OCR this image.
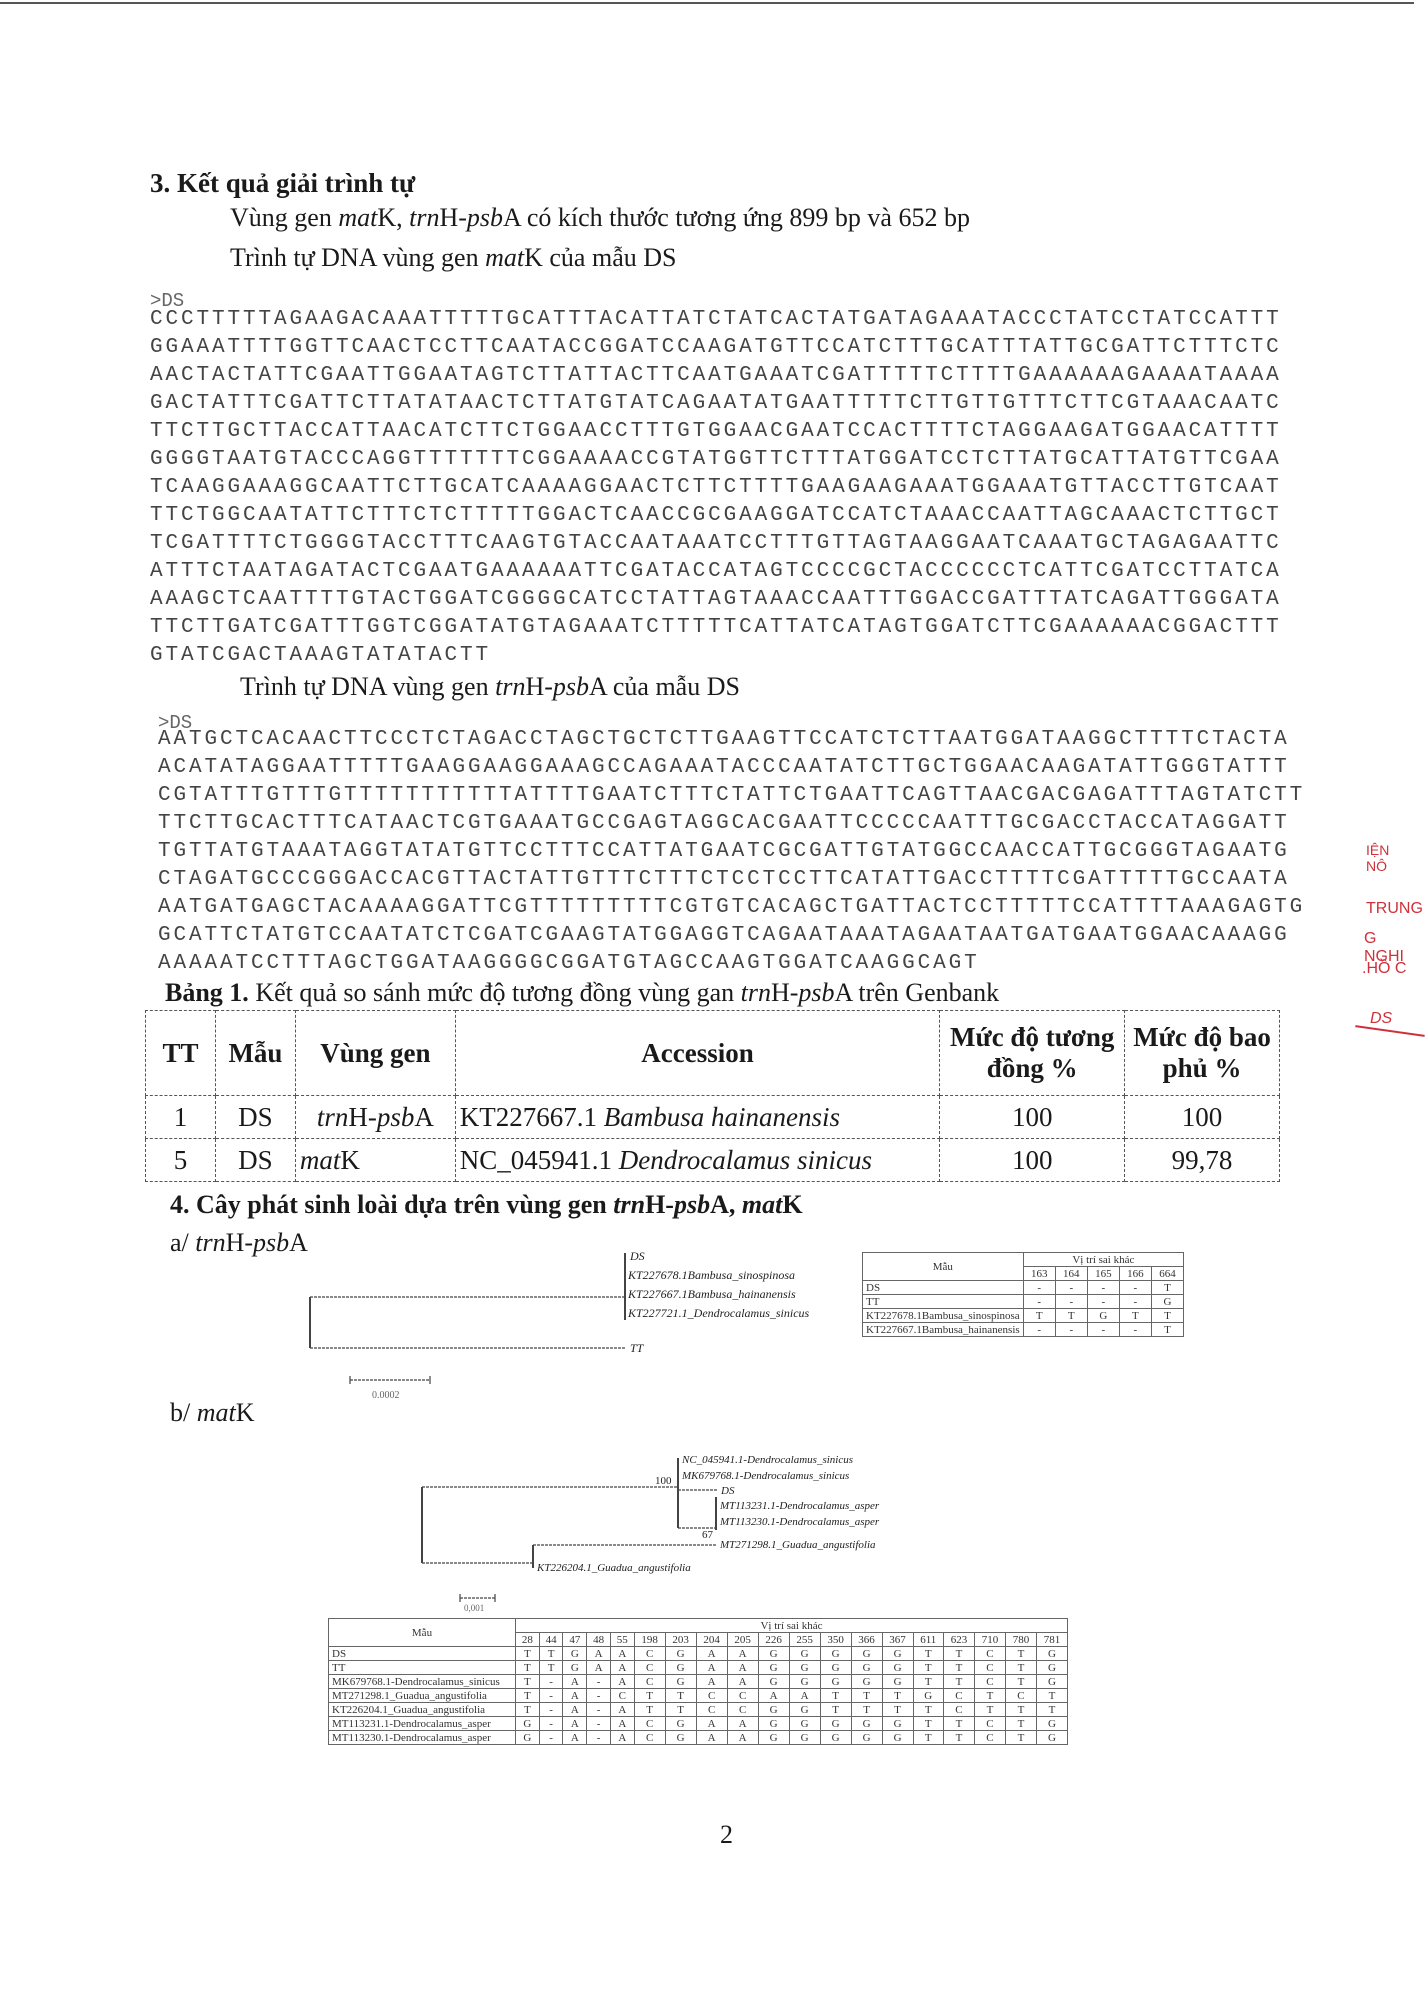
3. Kết quả giải trình tự
Vùng gen matK, trnH-psbA có kích thước tương ứng 899 bp và 652 bp
Trình tự DNA vùng gen matK của mẫu DS
>DS
CCCTTTTTAGAAGACAAATTTTTGCATTTACATTATCTATCACTATGATAGAAATACCCTATCCTATCCATTT
GGAAATTTTGGTTCAACTCCTTCAATACCGGATCCAAGATGTTCCATCTTTGCATTTATTGCGATTCTTTCTC
AACTACTATTCGAATTGGAATAGTCTTATTACTTCAATGAAATCGATTTTTCTTTTGAAAAAAGAAAATAAAA
GACTATTTCGATTCTTATATAACTCTTATGTATCAGAATATGAATTTTTCTTGTTGTTTCTTCGTAAACAATC
TTCTTGCTTACCATTAACATCTTCTGGAACCTTTGTGGAACGAATCCACTTTTCTAGGAAGATGGAACATTTT
GGGGTAATGTACCCAGGTTTTTTTCGGAAAACCGTATGGTTCTTTATGGATCCTCTTATGCATTATGTTCGAA
TCAAGGAAAGGCAATTCTTGCATCAAAAGGAACTCTTCTTTTGAAGAAGAAATGGAAATGTTACCTTGTCAAT
TTCTGGCAATATTCTTTCTCTTTTTGGACTCAACCGCGAAGGATCCATCTAAACCAATTAGCAAACTCTTGCT
TCGATTTTCTGGGGTACCTTTCAAGTGTACCAATAAATCCTTTGTTAGTAAGGAATCAAATGCTAGAGAATTC
ATTTCTAATAGATACTCGAATGAAAAAATTCGATACCATAGTCCCCGCTACCCCCCTCATTCGATCCTTATCA
AAAGCTCAATTTTGTACTGGATCGGGGCATCCTATTAGTAAACCAATTTGGACCGATTTATCAGATTGGGATA
TTCTTGATCGATTTGGTCGGATATGTAGAAATCTTTTTCATTATCATAGTGGATCTTCGAAAAAACGGACTTT
GTATCGACTAAAGTATATACTT
Trình tự DNA vùng gen trnH-psbA của mẫu DS
>DS
AATGCTCACAACTTCCCTCTAGACCTAGCTGCTCTTGAAGTTCCATCTCTTAATGGATAAGGCTTTTCTACTA
ACATATAGGAATTTTTGAAGGAAGGAAAGCCAGAAATACCCAATATCTTGCTGGAACAAGATATTGGGTATTT
CGTATTTGTTTGTTTTTTTTTTTATTTTGAATCTTTCTATTCTGAATTCAGTTAACGACGAGATTTAGTATCTT
TTCTTGCACTTTCATAACTCGTGAAATGCCGAGTAGGCACGAATTCCCCCAATTTGCGACCTACCATAGGATT
TGTTATGTAAATAGGTATATGTTCCTTTCCATTATGAATCGCGATTGTATGGCCAACCATTGCGGGTAGAATG
CTAGATGCCCGGGACCACGTTACTATTGTTTCTTTCTCCTCCTTCATATTGACCTTTTCGATTTTTGCCAATA
AATGATGAGCTACAAAAGGATTCGTTTTTTTTTCGTGTCACAGCTGATTACTCCTTTTTCCATTTTAAAGAGTG
GCATTCTATGTCCAATATCTCGATCGAAGTATGGAGGTCAGAATAAATAGAATAATGATGAATGGAACAAAGG
AAAAATCCTTTAGCTGGATAAGGGGCGGATGTAGCCAAGTGGATCAAGGCAGT
Bảng 1. Kết quả so sánh mức độ tương đồng vùng gan trnH-psbA trên Genbank
TT	Mẫu	Vùng gen	Accession	Mức độ tương đồng %	Mức độ bao phủ %
1	DS	trnH-psbA	KT227667.1 Bambusa hainanensis	100	100
5	DS	matK	NC_045941.1 Dendrocalamus sinicus	100	99,78
4. Cây phát sinh loài dựa trên vùng gen trnH-psbA, matK
a/ trnH-psbA	DS
KT227678.1Bambusa_sinospinosa
KT227667.1Bambusa_hainanensis
KT227721.1_Dendrocalamus_sinicus
TT
0.0002
NC_045941.1-Dendrocalamus_sinicus
MK679768.1-Dendrocalamus_sinicus
DS
MT113231.1-Dendrocalamus_asper
MT113230.1-Dendrocalamus_asper
MT271298.1_Guadua_angustifolia
KT226204.1_Guadua_angustifolia
100
67
0,001
Mẫu	Vị trí sai khác				
	163	164	165	166	664
DS	-	-	-	-	T
TT	-	-	-	-	G
KT227678.1Bambusa_sinospinosa	T	T	G	T	T
KT227667.1Bambusa_hainanensis	-	-	-	-	T
b/ matK
Mẫu	Vị trí sai khác																		
	28	44	47	48	55	198	203	204	205	226	255	350	366	367	611	623	710	780	781
DS	T	T	G	A	A	C	G	A	A	G	G	G	G	G	T	T	C	T	G
TT	T	T	G	A	A	C	G	A	A	G	G	G	G	G	T	T	C	T	G
MK679768.1-Dendrocalamus_sinicus	T	-	A	-	A	C	G	A	A	G	G	G	G	G	T	T	C	T	G
MT271298.1_Guadua_angustifolia	T	-	A	-	C	T	T	C	C	A	A	T	T	T	G	C	T	C	T
KT226204.1_Guadua_angustifolia	T	-	A	-	A	T	T	C	C	G	G	T	T	T	T	C	T	T	T
MT113231.1-Dendrocalamus_asper	G	-	A	-	A	C	G	A	A	G	G	G	G	G	T	T	C	T	G
MT113230.1-Dendrocalamus_asper	G	-	A	-	A	C	G	A	A	G	G	G	G	G	T	T	C	T	G
2
IỆN NÔ
TRUNG
G NGHI
.HỒ C
DS
